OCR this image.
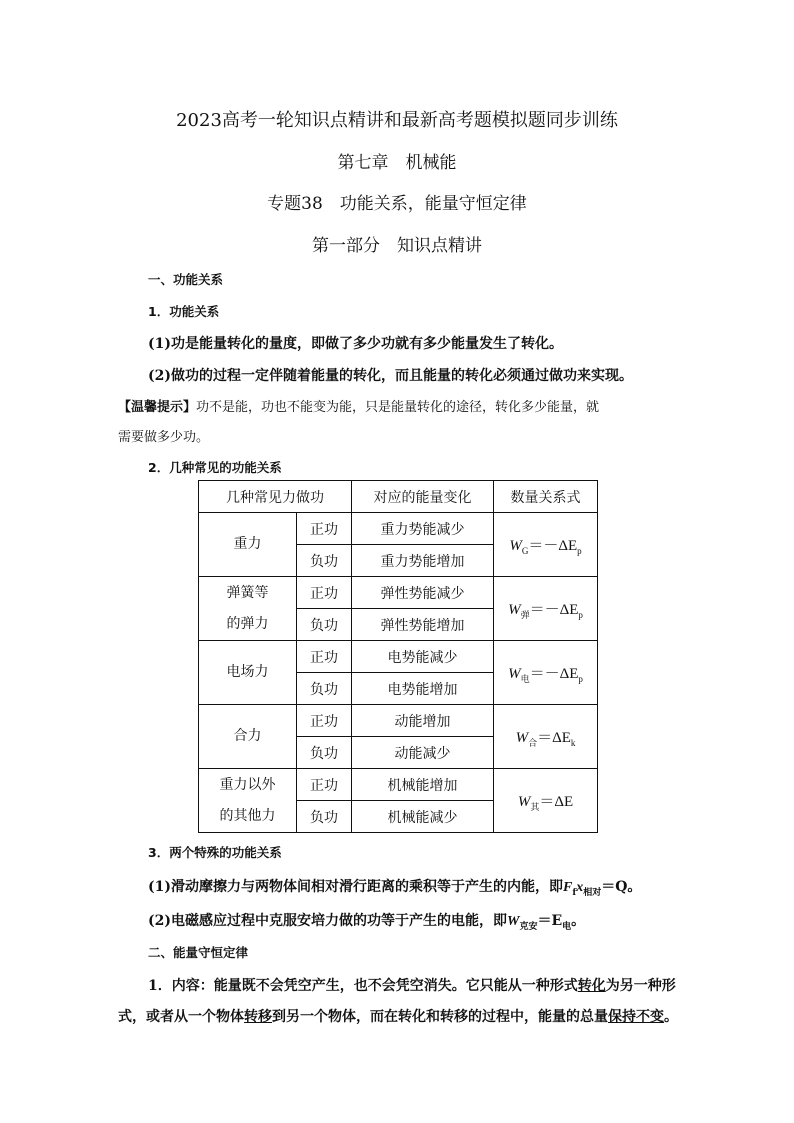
2023高考一轮知识点精讲和最新高考题模拟题同步训练
第七章　机械能
专题38　功能关系，能量守恒定律
第一部分　知识点精讲
一、功能关系
1．功能关系
(1)功是能量转化的量度，即做了多少功就有多少能量发生了转化。
(2)做功的过程一定伴随着能量的转化，而且能量的转化必须通过做功来实现。
【温馨提示】功不是能，功也不能变为能，只是能量转化的途径，转化多少能量，就
需要做多少功。
2．几种常见的功能关系
几种常见力做功		对应的能量变化	数量关系式
重力	正功	重力势能减少	$W_G=-\Delta E_p$
	负功	重力势能增加	

弹簧等
的弹力	正功	弹性势能减少	$W_弹=-\Delta E_p$
	负功	弹性势能增加	
电场力	正功	电势能减少	$W_电=-\Delta E_p$
	负功	电势能增加	
合力	正功	动能增加	$W_合=\Delta E_k$
	负功	动能减少	

重力以外
的其他力	正功	机械能增加	$W_其=\Delta E$
	负功	机械能减少	
3．两个特殊的功能关系
(1)滑动摩擦力与两物体间相对滑行距离的乘积等于产生的内能，即$F_fx_{相对}=Q$。
(2)电磁感应过程中克服安培力做的功等于产生的电能，即$W_{克安}=E_电$。
二、能量守恒定律
1．内容：能量既不会凭空产生，也不会凭空消失。它只能从一种形式转化为另一种形
式，或者从一个物体转移到另一个物体，而在转化和转移的过程中，能量的总量保持不变。
